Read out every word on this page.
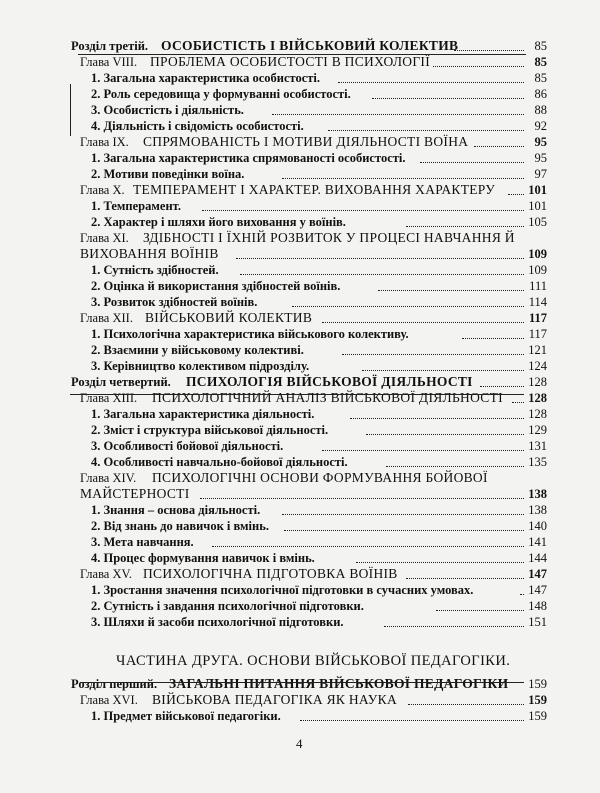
Розділ третій. ОСОБИСТІСТЬ І ВІЙСЬКОВИЙ КОЛЕКТИВ	85
Глава VIII. ПРОБЛЕМА ОСОБИСТОСТІ В ПСИХОЛОГІЇ	85
1. Загальна характеристика особистості.	85
2. Роль середовища у формуванні особистості.	86
3. Особистість і діяльність.	88
4. Діяльність і свідомість особистості.	92
Глава IX. СПРЯМОВАНІСТЬ І МОТИВИ ДІЯЛЬНОСТІ ВОЇНА	95
1. Загальна характеристика спрямованості особистості.	95
2. Мотиви поведінки воїна.	97
Глава X. ТЕМПЕРАМЕНТ І ХАРАКТЕР. ВИХОВАННЯ ХАРАКТЕРУ	101
1. Темперамент.	101
2. Характер і шляхи його виховання у воїнів.	105
Глава XI. ЗДІБНОСТІ І ЇХНІЙ РОЗВИТОК У ПРОЦЕСІ НАВЧАННЯ Й
ВИХОВАННЯ ВОЇНІВ	109
1. Сутність здібностей.	109
2. Оцінка й використання здібностей воїнів.	111
3. Розвиток здібностей воїнів.	114
Глава XII. ВІЙСЬКОВИЙ КОЛЕКТИВ	117
1. Психологічна характеристика військового колективу.	117
2. Взаємини у військовому колективі.	121
3. Керівництво колективом підрозділу.	124
Розділ четвертий. ПСИХОЛОГІЯ ВІЙСЬКОВОЇ ДІЯЛЬНОСТІ	128
Глава XIII. ПСИХОЛОГІЧНИЙ АНАЛІЗ ВІЙСЬКОВОЇ ДІЯЛЬНОСТІ 128
1. Загальна характеристика діяльності.	128
2. Зміст і структура військової діяльності.	129
3. Особливості бойової діяльності.	131
4. Особливості навчально-бойової діяльності.	135
Глава XIV. ПСИХОЛОГІЧНІ ОСНОВИ ФОРМУВАННЯ БОЙОВОЇ
МАЙСТЕРНОСТІ	138
1. Знання – основа діяльності.	138
2. Від знань до навичок і вмінь.	140
3. Мета навчання.	141
4. Процес формування навичок і вмінь.	144
Глава XV. ПСИХОЛОГІЧНА ПІДГОТОВКА ВОЇНІВ	147
1. Зростання значення психологічної підготовки в сучасних умовах.	147
2. Сутність і завдання психологічної підготовки.	148
3. Шляхи й засоби психологічної підготовки.	151
ЧАСТИНА ДРУГА. ОСНОВИ ВІЙСЬКОВОЇ ПЕДАГОГІКИ.
Розділ перший. ЗАГАЛЬНІ ПИТАННЯ ВІЙСЬКОВОЇ ПЕДАГОГІКИ 159
Глава XVI. ВІЙСЬКОВА ПЕДАГОГІКА ЯК НАУКА	159
1. Предмет військової педагогіки.	159
4
